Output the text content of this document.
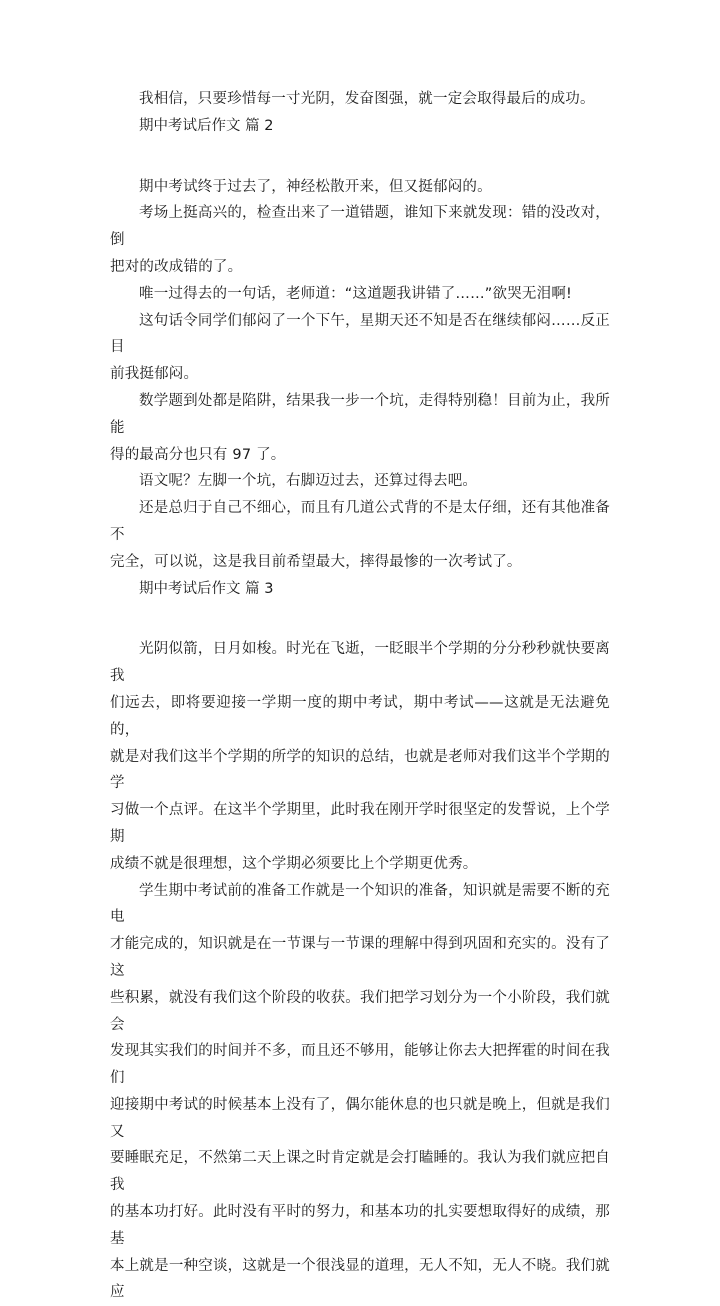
我相信，只要珍惜每一寸光阴，发奋图强，就一定会取得最后的成功。

期中考试后作文 篇 2

期中考试终于过去了，神经松散开来，但又挺郁闷的。

考场上挺高兴的，检查出来了一道错题，谁知下来就发现：错的没改对，倒
把对的改成错的了。

唯一过得去的一句话，老师道：“这道题我讲错了……”欲哭无泪啊!

这句话令同学们郁闷了一个下午，星期天还不知是否在继续郁闷……反正目
前我挺郁闷。

数学题到处都是陷阱，结果我一步一个坑，走得特别稳！目前为止，我所能
得的最高分也只有 97 了。

语文呢？左脚一个坑，右脚迈过去，还算过得去吧。

还是总归于自己不细心，而且有几道公式背的不是太仔细，还有其他准备不
完全，可以说，这是我目前希望最大，摔得最惨的一次考试了。

期中考试后作文 篇 3

光阴似箭，日月如梭。时光在飞逝，一眨眼半个学期的分分秒秒就快要离我
们远去，即将要迎接一学期一度的期中考试，期中考试——这就是无法避免的，
就是对我们这半个学期的所学的知识的总结，也就是老师对我们这半个学期的学
习做一个点评。在这半个学期里，此时我在刚开学时很坚定的发誓说，上个学期
成绩不就是很理想，这个学期必须要比上个学期更优秀。

学生期中考试前的准备工作就是一个知识的准备，知识就是需要不断的充电
才能完成的，知识就是在一节课与一节课的理解中得到巩固和充实的。没有了这
些积累，就没有我们这个阶段的收获。我们把学习划分为一个小阶段，我们就会
发现其实我们的时间并不多，而且还不够用，能够让你去大把挥霍的时间在我们
迎接期中考试的时候基本上没有了，偶尔能休息的也只就是晚上，但就是我们又
要睡眠充足，不然第二天上课之时肯定就是会打瞌睡的。我认为我们就应把自我
的基本功打好。此时没有平时的努力，和基本功的扎实要想取得好的成绩，那基
本上就是一种空谈，这就是一个很浅显的道理，无人不知，无人不晓。我们就应
